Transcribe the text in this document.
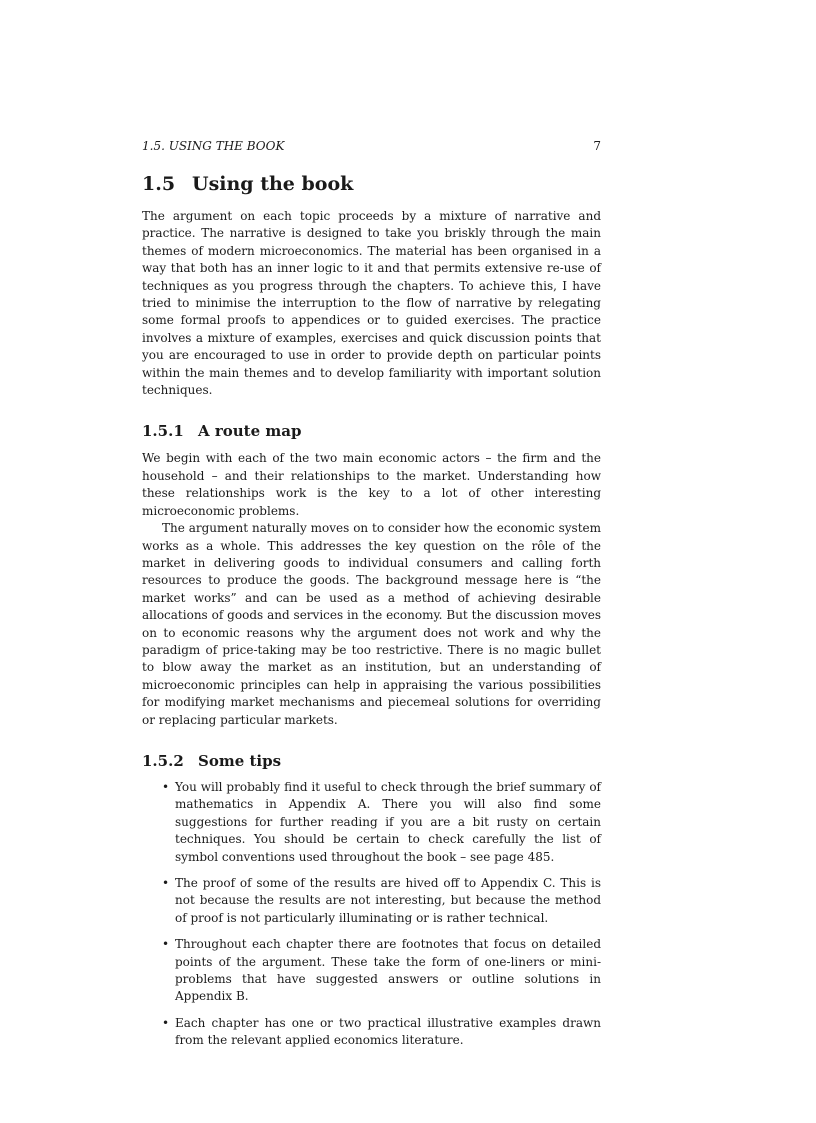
1.5. USING THE BOOK	7
1.5 Using the book

The argument on each topic proceeds by a mixture of narrative and practice. The narrative is designed to take you briskly through the main themes of modern microeconomics. The material has been organised in a way that both has an inner logic to it and that permits extensive re-use of techniques as you progress through the chapters. To achieve this, I have tried to minimise the interruption to the flow of narrative by relegating some formal proofs to appendices or to guided exercises. The practice involves a mixture of examples, exercises and quick discussion points that you are encouraged to use in order to provide depth on particular points within the main themes and to develop familiarity with important solution techniques.

1.5.1 A route map

We begin with each of the two main economic actors – the firm and the household – and their relationships to the market. Understanding how these relationships work is the key to a lot of other interesting microeconomic problems.

The argument naturally moves on to consider how the economic system works as a whole. This addresses the key question on the rôle of the market in delivering goods to individual consumers and calling forth resources to produce the goods. The background message here is “the market works” and can be used as a method of achieving desirable allocations of goods and services in the economy. But the discussion moves on to economic reasons why the argument does not work and why the paradigm of price-taking may be too restrictive. There is no magic bullet to blow away the market as an institution, but an understanding of microeconomic principles can help in appraising the various possibilities for modifying market mechanisms and piecemeal solutions for overriding or replacing particular markets.

1.5.2 Some tips
• You will probably find it useful to check through the brief summary of mathematics in Appendix A. There you will also find some suggestions for further reading if you are a bit rusty on certain techniques. You should be certain to check carefully the list of symbol conventions used throughout the book – see page 485.

• The proof of some of the results are hived off to Appendix C. This is not because the results are not interesting, but because the method of proof is not particularly illuminating or is rather technical.

• Throughout each chapter there are footnotes that focus on detailed points of the argument. These take the form of one-liners or mini-problems that have suggested answers or outline solutions in Appendix B.

• Each chapter has one or two practical illustrative examples drawn from the relevant applied economics literature.
